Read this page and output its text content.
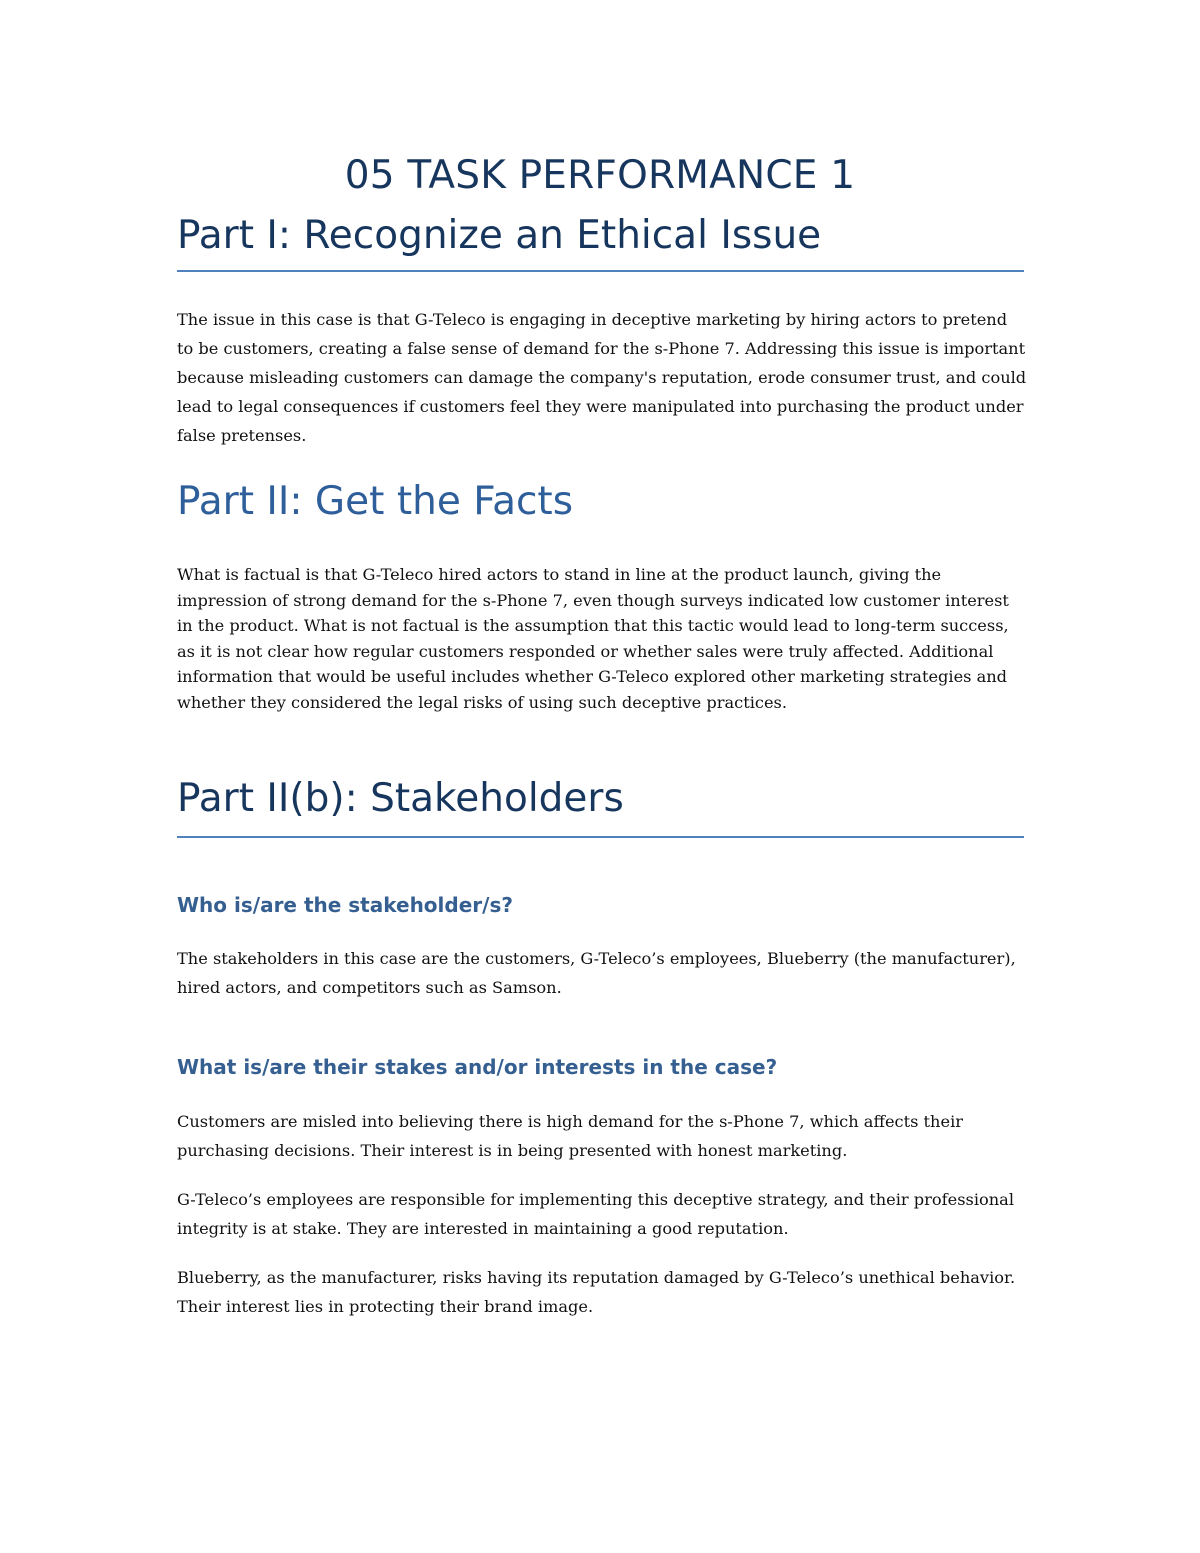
05 TASK PERFORMANCE 1
Part I: Recognize an Ethical Issue
The issue in this case is that G-Teleco is engaging in deceptive marketing by hiring actors to pretend to be customers, creating a false sense of demand for the s-Phone 7. Addressing this issue is important because misleading customers can damage the company's reputation, erode consumer trust, and could lead to legal consequences if customers feel they were manipulated into purchasing the product under false pretenses.
Part II: Get the Facts
What is factual is that G-Teleco hired actors to stand in line at the product launch, giving the impression of strong demand for the s-Phone 7, even though surveys indicated low customer interest in the product. What is not factual is the assumption that this tactic would lead to long-term success, as it is not clear how regular customers responded or whether sales were truly affected. Additional information that would be useful includes whether G-Teleco explored other marketing strategies and whether they considered the legal risks of using such deceptive practices.
Part II(b): Stakeholders
Who is/are the stakeholder/s?
The stakeholders in this case are the customers, G-Teleco’s employees, Blueberry (the manufacturer), hired actors, and competitors such as Samson.
What is/are their stakes and/or interests in the case?
Customers are misled into believing there is high demand for the s-Phone 7, which affects their purchasing decisions. Their interest is in being presented with honest marketing.
G-Teleco’s employees are responsible for implementing this deceptive strategy, and their professional integrity is at stake. They are interested in maintaining a good reputation.
Blueberry, as the manufacturer, risks having its reputation damaged by G-Teleco’s unethical behavior. Their interest lies in protecting their brand image.
